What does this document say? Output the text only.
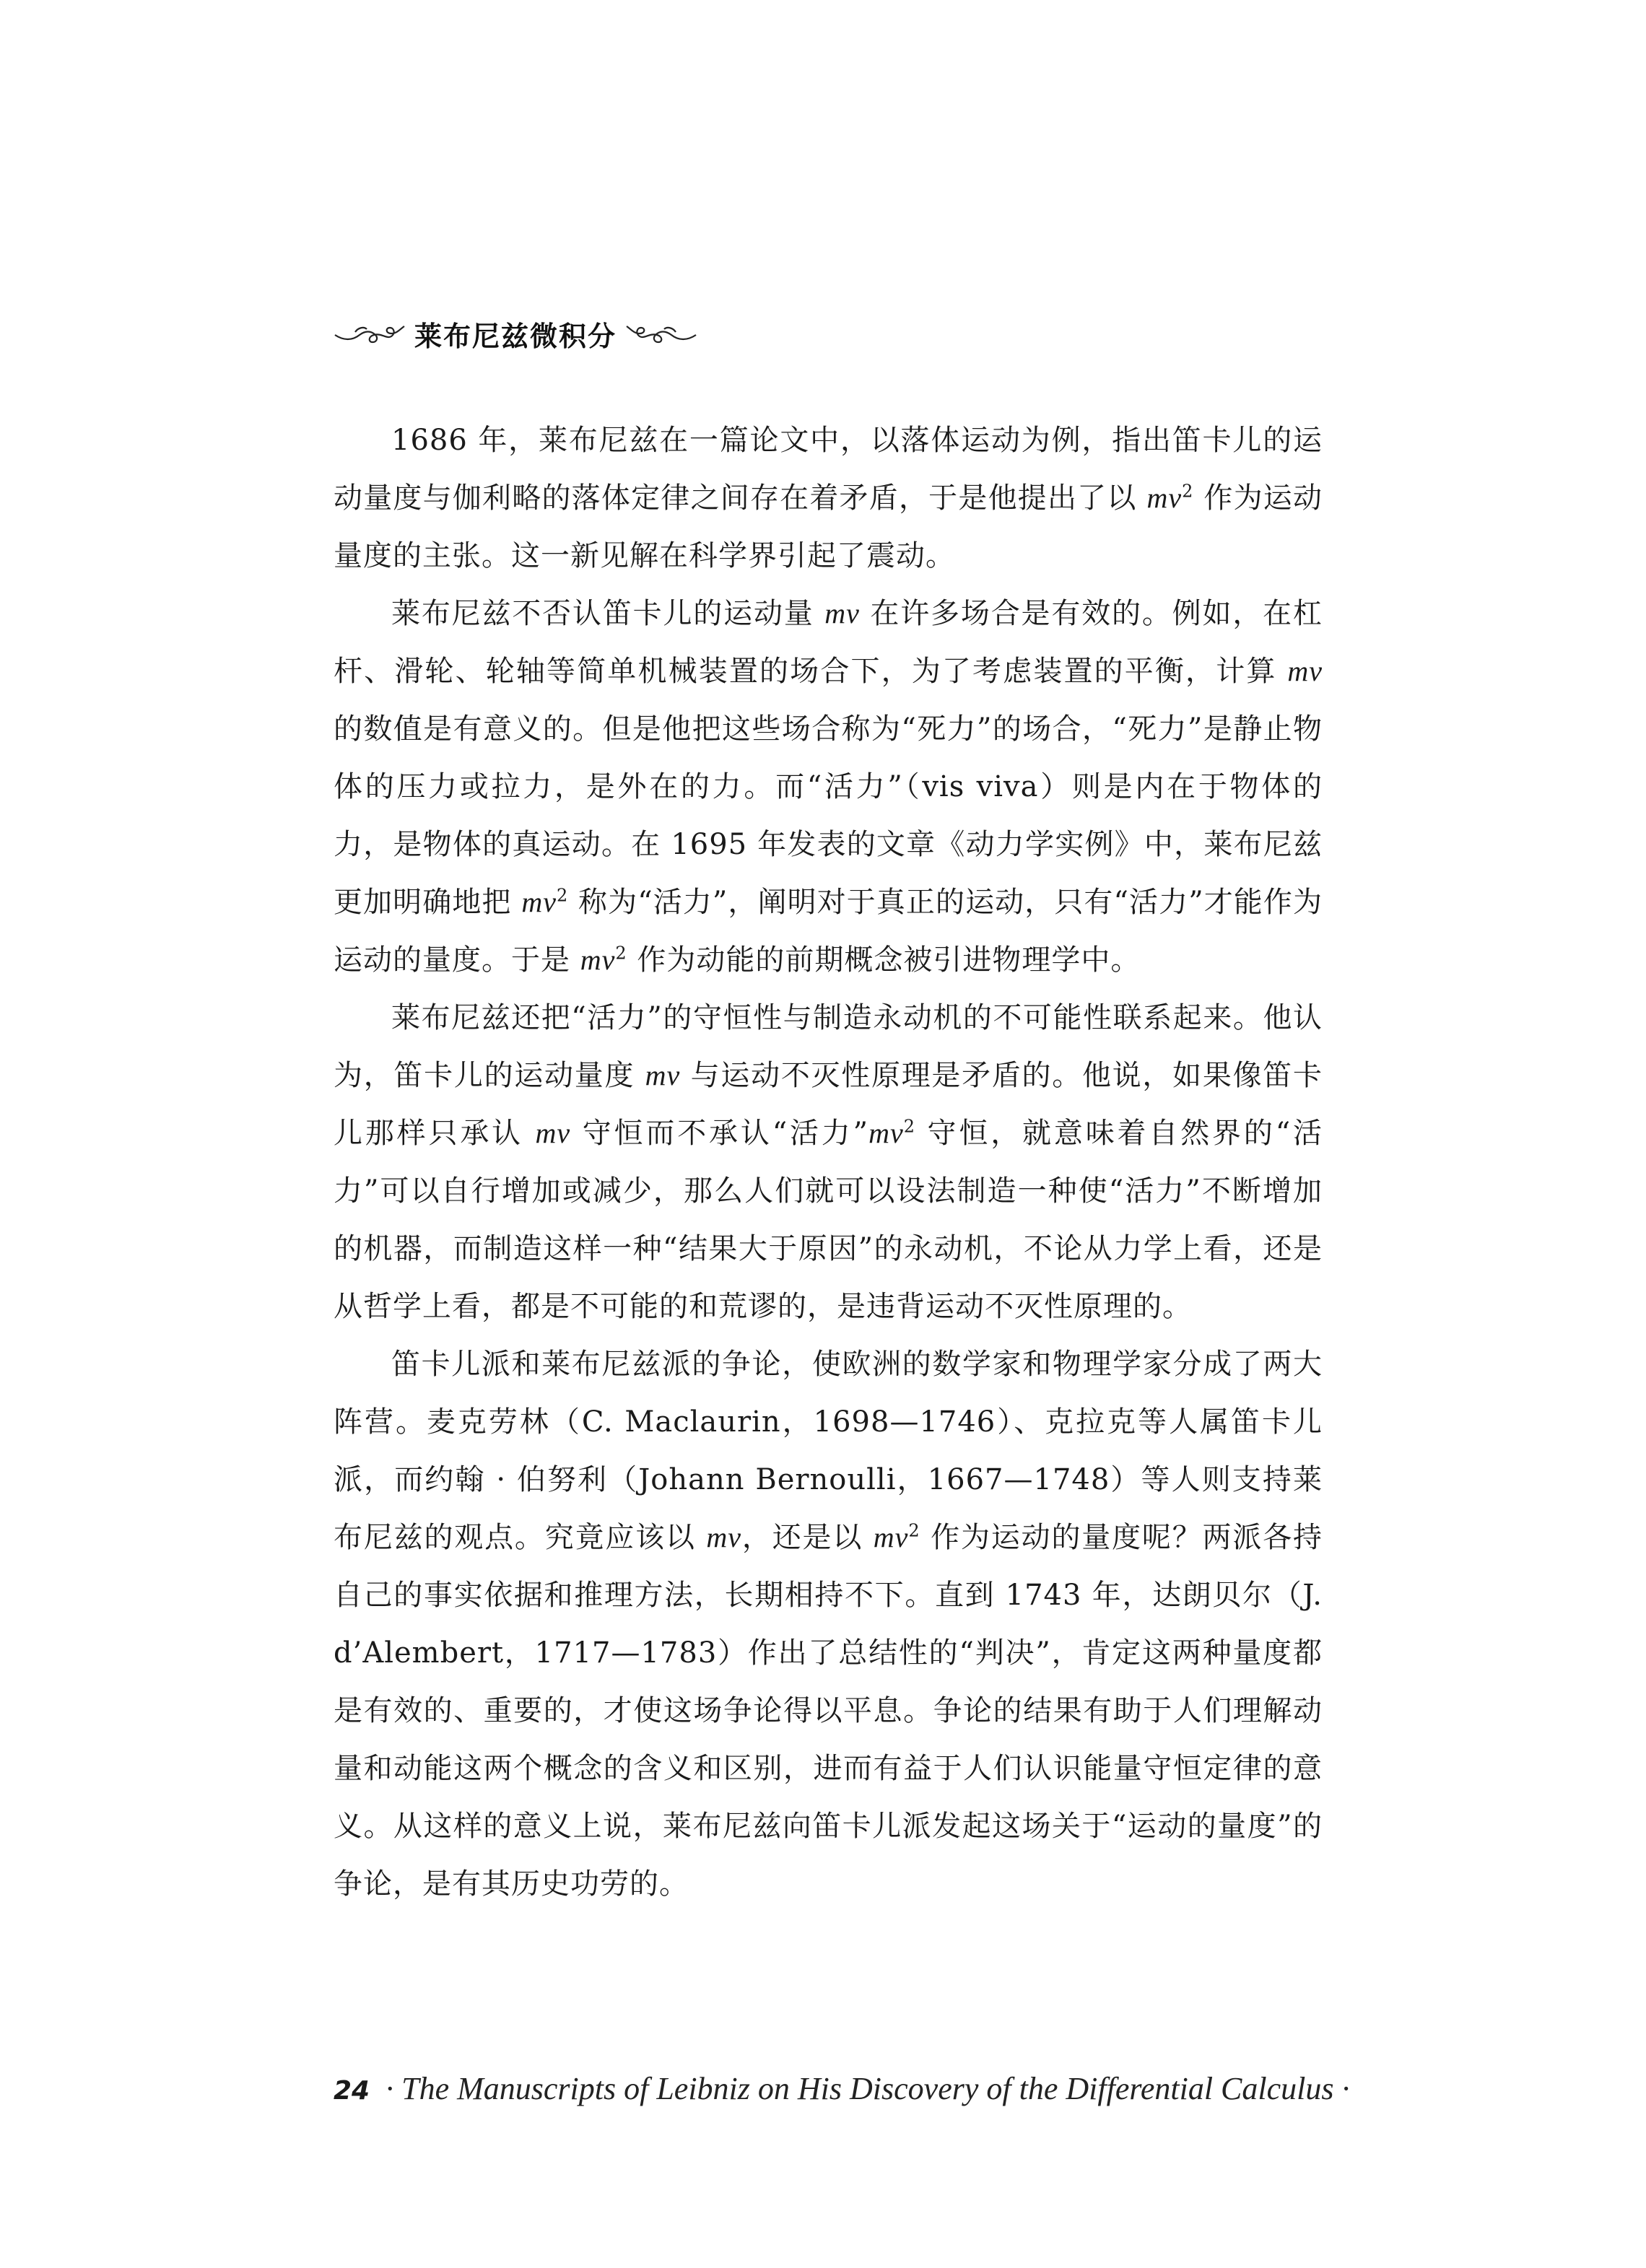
莱布尼兹微积分

1686 年，莱布尼兹在一篇论文中，以落体运动为例，指出笛卡儿的运动量度与伽利略的落体定律之间存在着矛盾，于是他提出了以 $mv^2$ 作为运动量度的主张。这一新见解在科学界引起了震动。

莱布尼兹不否认笛卡儿的运动量 mv 在许多场合是有效的。例如，在杠杆、滑轮、轮轴等简单机械装置的场合下，为了考虑装置的平衡，计算 mv 的数值是有意义的。但是他把这些场合称为“死力”的场合，“死力”是静止物体的压力或拉力，是外在的力。而“活力”（vis viva）则是内在于物体的力，是物体的真运动。在 1695 年发表的文章《动力学实例》中，莱布尼兹更加明确地把 $mv^2$ 称为“活力”，阐明对于真正的运动，只有“活力”才能作为运动的量度。于是 $mv^2$ 作为动能的前期概念被引进物理学中。

莱布尼兹还把“活力”的守恒性与制造永动机的不可能性联系起来。他认为，笛卡儿的运动量度 mv 与运动不灭性原理是矛盾的。他说，如果像笛卡儿那样只承认 mv 守恒而不承认“活力$”mv^2$ 守恒，就意味着自然界的“活力”可以自行增加或减少，那么人们就可以设法制造一种使“活力”不断增加的机器，而制造这样一种“结果大于原因”的永动机，不论从力学上看，还是从哲学上看，都是不可能的和荒谬的，是违背运动不灭性原理的。

笛卡儿派和莱布尼兹派的争论，使欧洲的数学家和物理学家分成了两大阵营。麦克劳林（C. Maclaurin，1698—1746）、克拉克等人属笛卡儿派，而约翰 · 伯努利（Johann Bernoulli，1667—1748）等人则支持莱布尼兹的观点。究竟应该以 mv，还是以 $mv^2$ 作为运动的量度呢？两派各持自己的事实依据和推理方法，长期相持不下。直到 1743 年，达朗贝尔（J. d’Alembert，1717—1783）作出了总结性的“判决”，肯定这两种量度都是有效的、重要的，才使这场争论得以平息。争论的结果有助于人们理解动量和动能这两个概念的含义和区别，进而有益于人们认识能量守恒定律的意义。从这样的意义上说，莱布尼兹向笛卡儿派发起这场关于“运动的量度”的争论，是有其历史功劳的。

24 · The Manuscripts of Leibniz on His Discovery of the Differential Calculus ·
